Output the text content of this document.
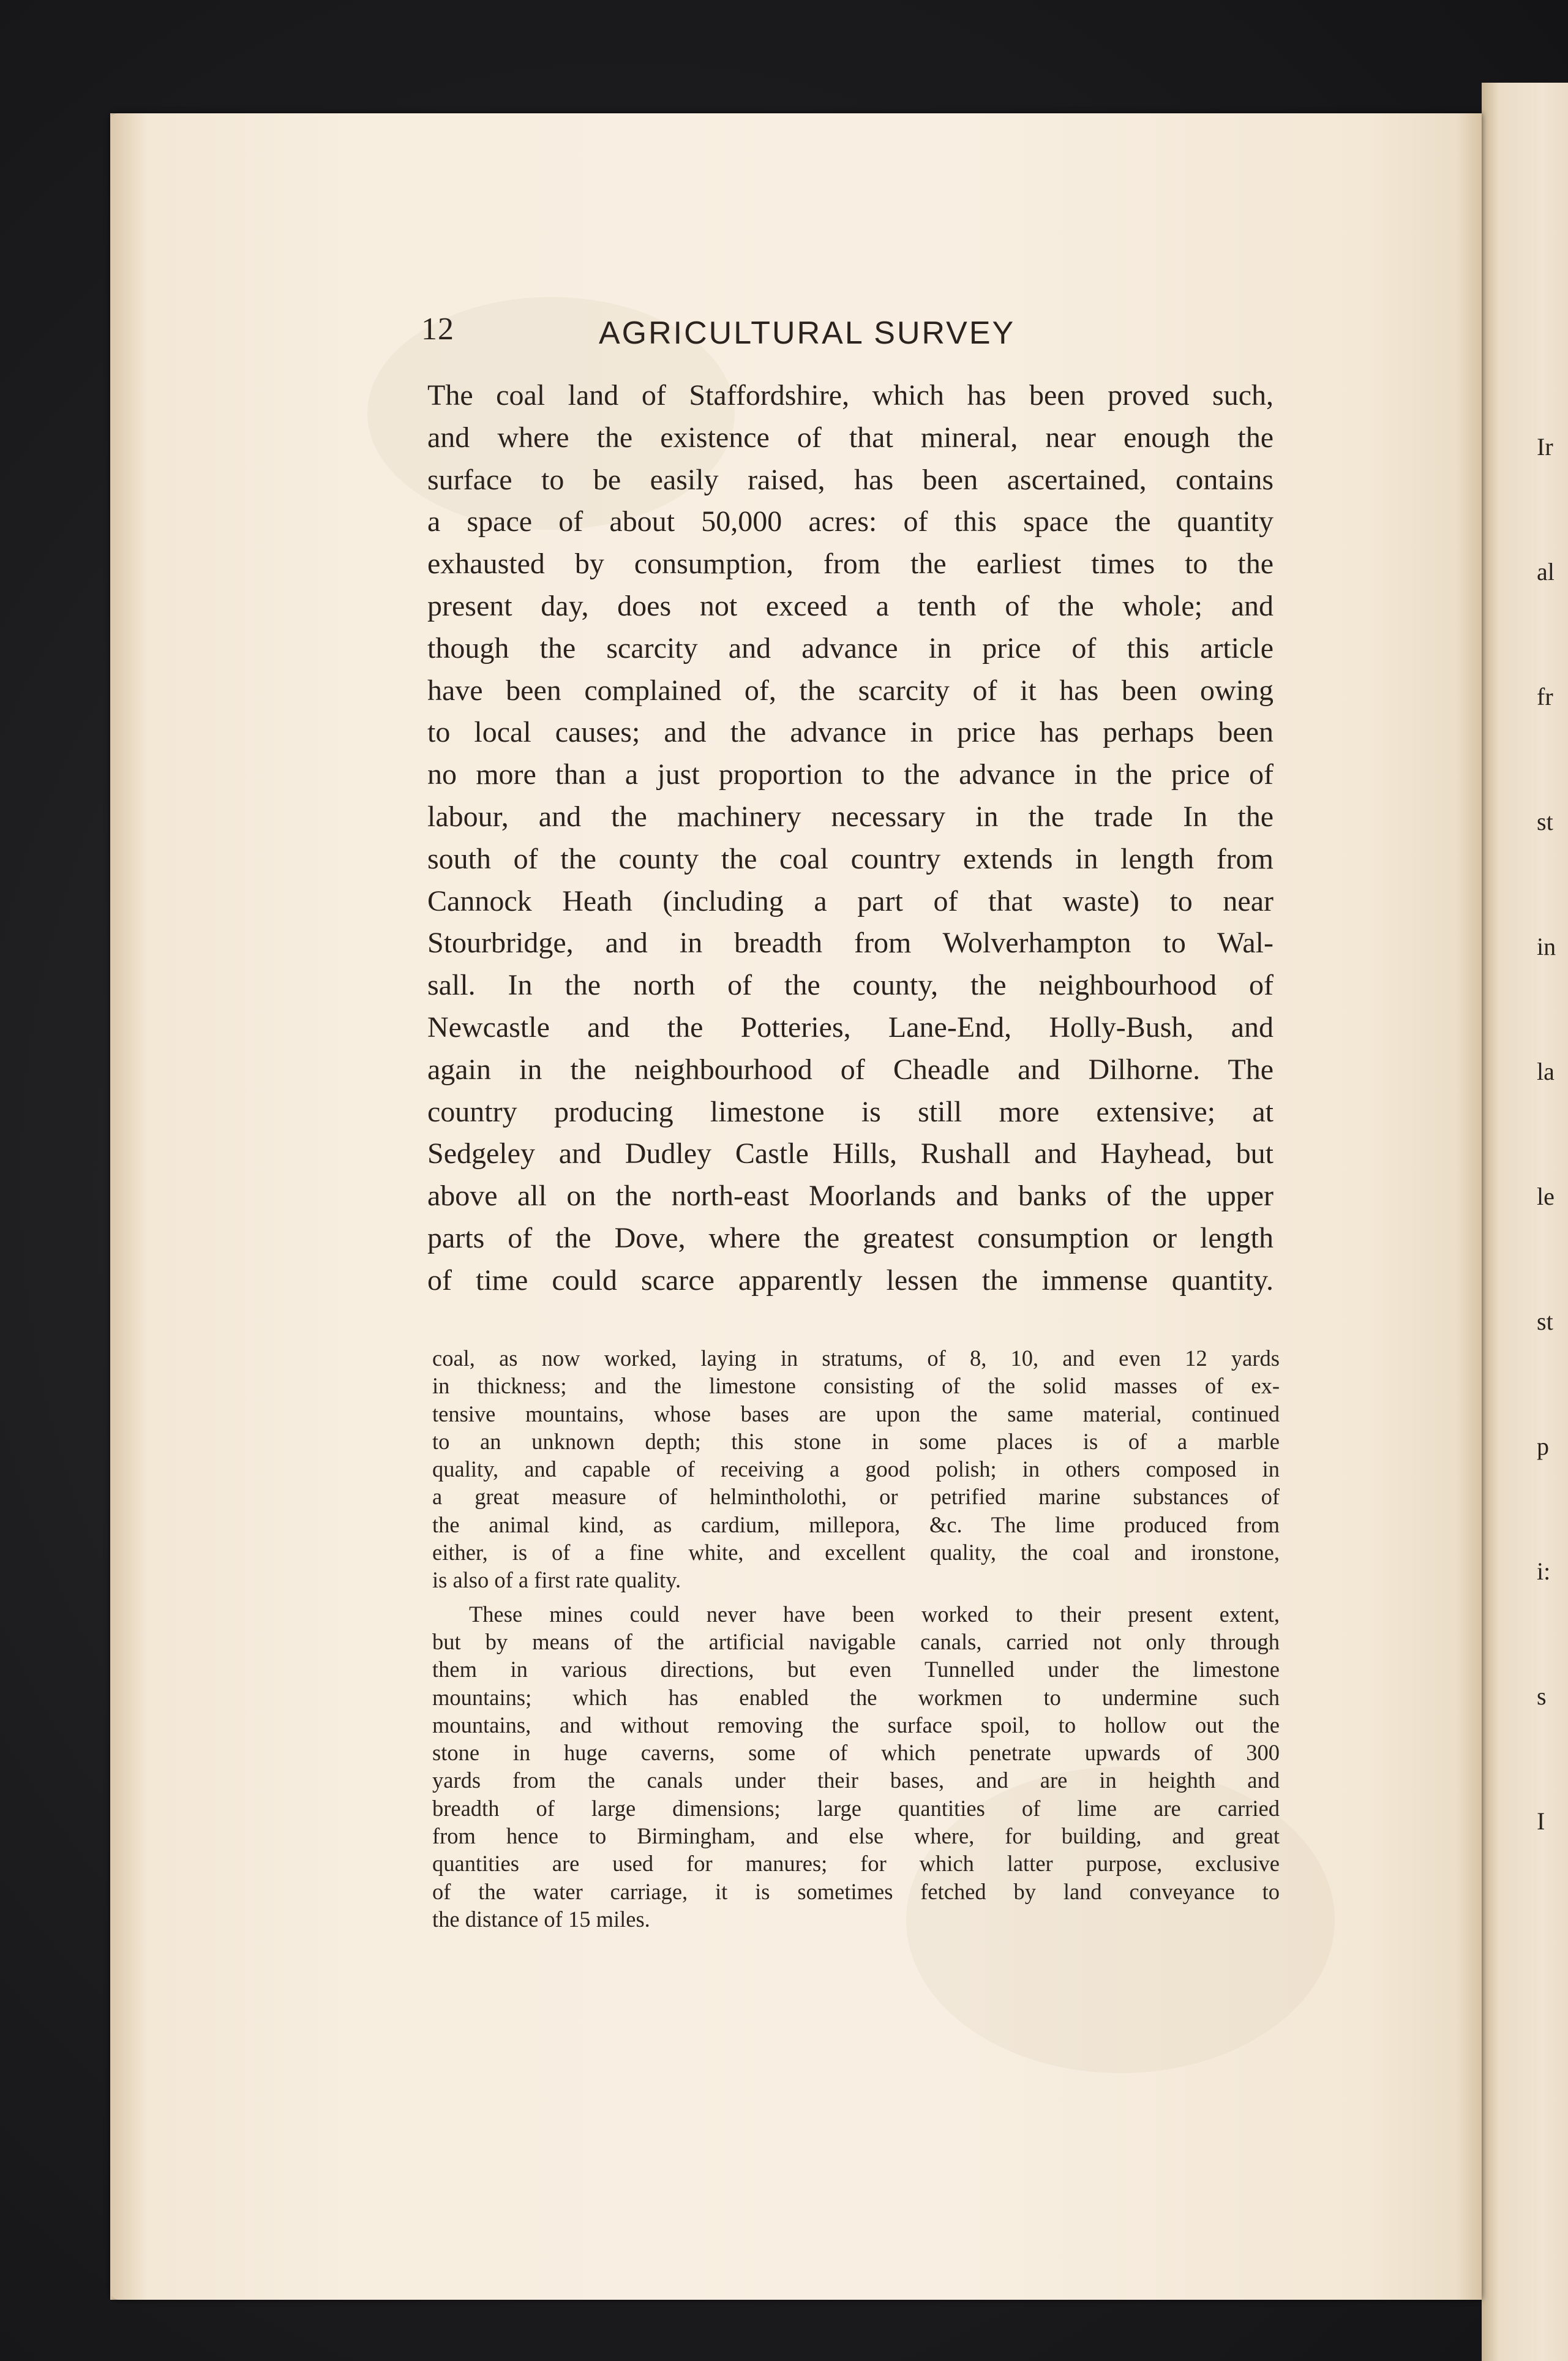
Ir

al

fr

st

in

la

le

st

p

i:

s

I

12	AGRICULTURAL SURVEY
The coal land of Staffordshire, which has been proved such,
and where the existence of that mineral, near enough the
surface to be easily raised, has been ascertained, contains
a space of about 50,000 acres: of this space the quantity
exhausted by consumption, from the earliest times to the
present day, does not exceed a tenth of the whole; and
though the scarcity and advance in price of this article
have been complained of, the scarcity of it has been owing
to local causes; and the advance in price has perhaps been
no more than a just proportion to the advance in the price of
labour, and the machinery necessary in the trade In the
south of the county the coal country extends in length from
Cannock Heath (including a part of that waste) to near
Stourbridge, and in breadth from Wolverhampton to Wal-
sall. In the north of the county, the neighbourhood of
Newcastle and the Potteries, Lane-End, Holly-Bush, and
again in the neighbourhood of Cheadle and Dilhorne. The
country producing limestone is still more extensive; at
Sedgeley and Dudley Castle Hills, Rushall and Hayhead, but
above all on the north-east Moorlands and banks of the upper
parts of the Dove, where the greatest consumption or length
of time could scarce apparently lessen the immense quantity.
coal, as now worked, laying in stratums, of 8, 10, and even 12 yards
in thickness; and the limestone consisting of the solid masses of ex-
tensive mountains, whose bases are upon the same material, continued
to an unknown depth; this stone in some places is of a marble
quality, and capable of receiving a good polish; in others composed in
a great measure of helmintholothi, or petrified marine substances of
the animal kind, as cardium, millepora, &c. The lime produced from
either, is of a fine white, and excellent quality, the coal and ironstone,
is also of a first rate quality.
These mines could never have been worked to their present extent,
but by means of the artificial navigable canals, carried not only through
them in various directions, but even Tunnelled under the limestone
mountains; which has enabled the workmen to undermine such
mountains, and without removing the surface spoil, to hollow out the
stone in huge caverns, some of which penetrate upwards of 300
yards from the canals under their bases, and are in heighth and
breadth of large dimensions; large quantities of lime are carried
from hence to Birmingham, and else where, for building, and great
quantities are used for manures; for which latter purpose, exclusive
of the water carriage, it is sometimes fetched by land conveyance to
the distance of 15 miles.
